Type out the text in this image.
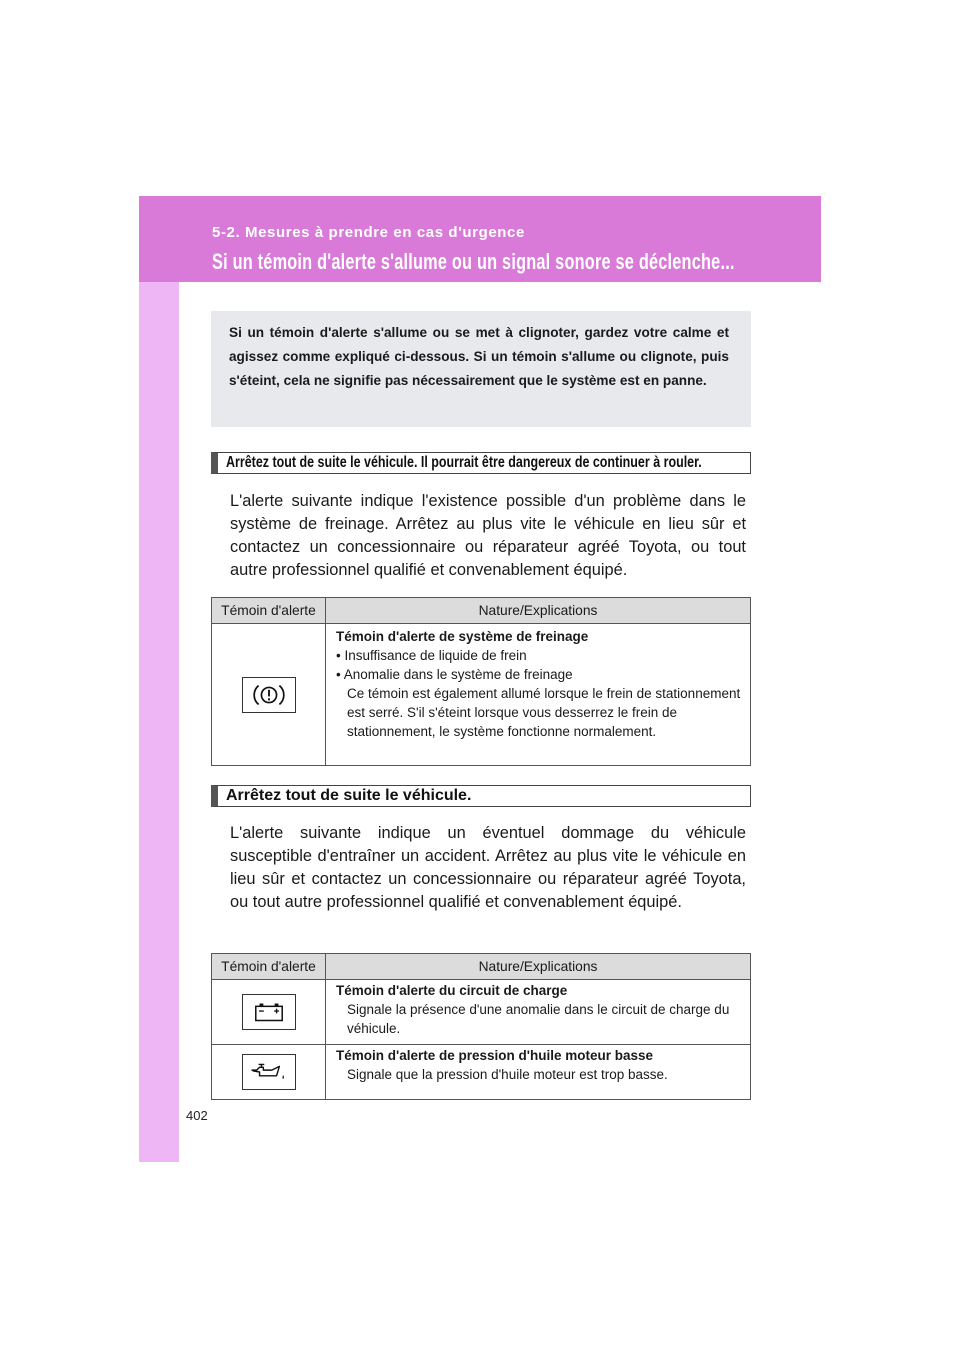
5-2. Mesures à prendre en cas d'urgence
Si un témoin d'alerte s'allume ou un signal sonore se déclenche...
Si un témoin d'alerte s'allume ou se met à clignoter, gardez votre calme et agissez comme expliqué ci-dessous. Si un témoin s'allume ou clignote, puis s'éteint, cela ne signifie pas nécessairement que le système est en panne.
Arrêtez tout de suite le véhicule. Il pourrait être dangereux de continuer à rouler.
L'alerte suivante indique l'existence possible d'un problème dans le système de freinage. Arrêtez au plus vite le véhicule en lieu sûr et contactez un concessionnaire ou réparateur agréé Toyota, ou tout autre professionnel qualifié et convenablement équipé.
Témoin d'alerte	Nature/Explications

Témoin d'alerte de système de freinage
• Insuffisance de liquide de frein
• Anomalie dans le système de freinage
Ce témoin est également allumé lorsque le frein de stationnement est serré. S'il s'éteint lorsque vous desserrez le frein de stationnement, le système fonctionne normalement.
Arrêtez tout de suite le véhicule.
L'alerte suivante indique un éventuel dommage du véhicule susceptible d'entraîner un accident. Arrêtez au plus vite le véhicule en lieu sûr et contactez un concessionnaire ou réparateur agréé Toyota, ou tout autre professionnel qualifié et convenablement équipé.
Témoin d'alerte	Nature/Explications

Témoin d'alerte du circuit de charge
Signale la présence d'une anomalie dans le circuit de charge du véhicule.

Témoin d'alerte de pression d'huile moteur basse
Signale que la pression d'huile moteur est trop basse.
402
